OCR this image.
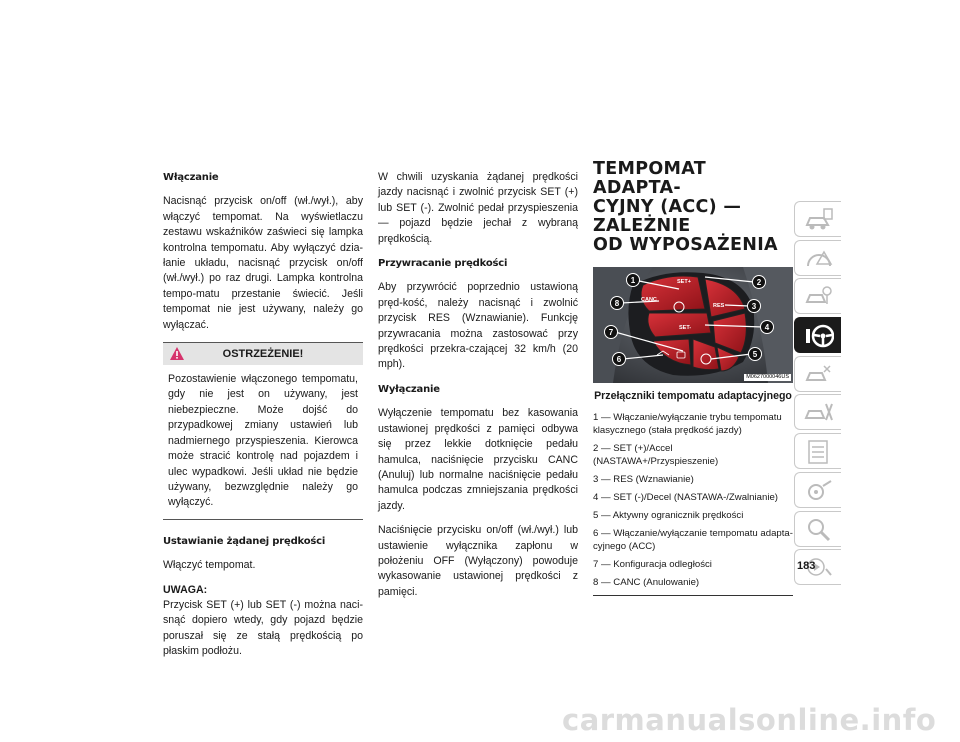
Włączanie
Nacisnąć przycisk on/off (wł./wył.), aby włączyć tempomat. Na wyświetlaczu zestawu wskaźników zaświeci się lampka kontrolna tempomatu. Aby wyłączyć dzia-łanie układu, nacisnąć przycisk on/off (wł./wył.) po raz drugi. Lampka kontrolna tempo-matu przestanie świecić. Jeśli tempomat nie jest używany, należy go wyłączać.
OSTRZEŻENIE!
Pozostawienie włączonego tempomatu, gdy nie jest on używany, jest niebezpieczne. Może dojść do przypadkowej zmiany ustawień lub nadmiernego przyspieszenia. Kierowca może stracić kontrolę nad pojazdem i ulec wypadkowi. Jeśli układ nie będzie używany, bezwzględnie należy go wyłączyć.
Ustawianie żądanej prędkości
Włączyć tempomat.
UWAGA:
Przycisk SET (+) lub SET (-) można naci-snąć dopiero wtedy, gdy pojazd będzie poruszał się ze stałą prędkością po płaskim podłożu.
W chwili uzyskania żądanej prędkości jazdy nacisnąć i zwolnić przycisk SET (+) lub SET (-). Zwolnić pedał przyspieszenia — pojazd będzie jechał z wybraną prędkością.
Przywracanie prędkości
Aby przywrócić poprzednio ustawioną pręd-kość, należy nacisnąć i zwolnić przycisk RES (Wznawianie). Funkcję przywracania można zastosować przy prędkości przekra-czającej 32 km/h (20 mph).
Wyłączanie
Wyłączenie tempomatu bez kasowania ustawionej prędkości z pamięci odbywa się przez lekkie dotknięcie pedału hamulca, naciśnięcie przycisku CANC (Anuluj) lub normalne naciśnięcie pedału hamulca podczas zmniejszania prędkości jazdy.
Naciśnięcie przycisku on/off (wł./wył.) lub ustawienie wyłącznika zapłonu w położeniu OFF (Wyłączony) powoduje wykasowanie ustawionej prędkości z pamięci.
TEMPOMAT ADAPTA-
CYJNY (ACC) — ZALEŻNIE
OD WYPOSAŻENIA
SET+
CANC
RES
SET-
1	2
3
4
5
6
7
8
M0627000046US
Przełączniki tempomatu adaptacyjnego
1 — Włączanie/wyłączanie trybu tempomatu klasycznego (stała prędkość jazdy)
2 — SET (+)/Accel (NASTAWA+/Przyspieszenie)
3 — RES (Wznawianie)
4 — SET (-)/Decel (NASTAWA-/Zwalnianie)
5 — Aktywny ogranicznik prędkości
6 — Włączanie/wyłączanie tempomatu adapta-cyjnego (ACC)
7 — Konfiguracja odległości
8 — CANC (Anulowanie)
183
carmanualsonline.info
